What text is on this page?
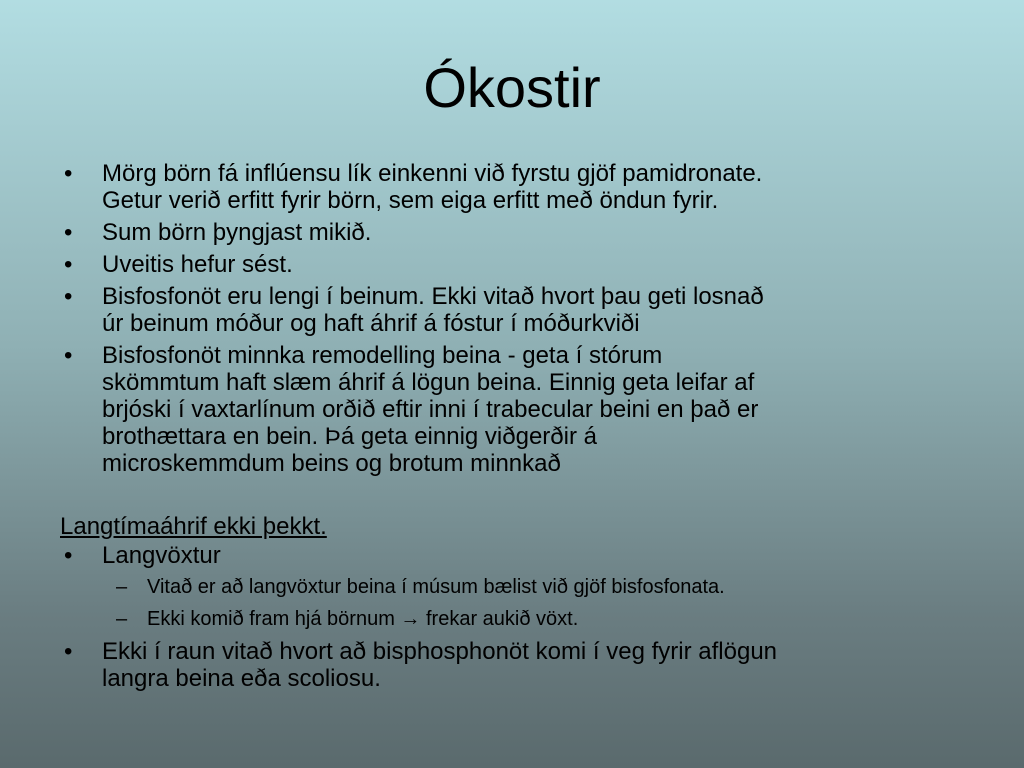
Ókostir
• Mörg börn fá inflúensu lík einkenni við fyrstu gjöf pamidronate.
Getur verið erfitt fyrir börn, sem eiga erfitt með öndun fyrir.
• Sum börn þyngjast mikið.
• Uveitis hefur sést.
• Bisfosfonöt eru lengi í beinum. Ekki vitað hvort þau geti losnað
úr beinum móður og haft áhrif á fóstur í móðurkviði
• Bisfosfonöt minnka remodelling beina - geta í stórum
skömmtum haft slæm áhrif á lögun beina. Einnig geta leifar af
brjóski í vaxtarlínum orðið eftir inni í trabecular beini en það er
brothættara en bein. Þá geta einnig viðgerðir á
microskemmdum beins og brotum minnkað
Langtímaáhrif ekki þekkt.
• Langvöxtur
– Vitað er að langvöxtur beina í músum bælist við gjöf bisfosfonata.
– Ekki komið fram hjá börnum → frekar aukið vöxt.
• Ekki í raun vitað hvort að bisphosphonöt komi í veg fyrir aflögun
langra beina eða scoliosu.
